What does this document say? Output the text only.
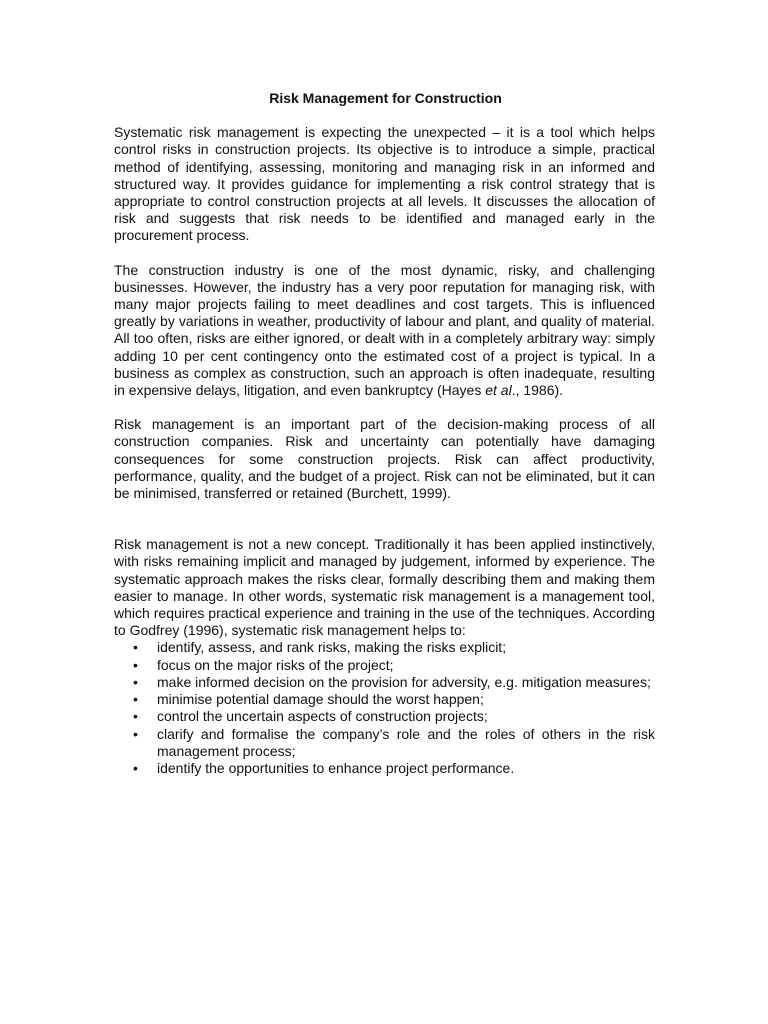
Risk Management for Construction

Systematic risk management is expecting the unexpected – it is a tool which helps control risks in construction projects. Its objective is to introduce a simple, practical method of identifying, assessing, monitoring and managing risk in an informed and structured way. It provides guidance for implementing a risk control strategy that is appropriate to control construction projects at all levels. It discusses the allocation of risk and suggests that risk needs to be identified and managed early in the procurement process.

The construction industry is one of the most dynamic, risky, and challenging businesses. However, the industry has a very poor reputation for managing risk, with many major projects failing to meet deadlines and cost targets. This is influenced greatly by variations in weather, productivity of labour and plant, and quality of material. All too often, risks are either ignored, or dealt with in a completely arbitrary way: simply adding 10 per cent contingency onto the estimated cost of a project is typical. In a business as complex as construction, such an approach is often inadequate, resulting in expensive delays, litigation, and even bankruptcy (Hayes et al., 1986).

Risk management is an important part of the decision-making process of all construction companies. Risk and uncertainty can potentially have damaging consequences for some construction projects. Risk can affect productivity, performance, quality, and the budget of a project. Risk can not be eliminated, but it can be minimised, transferred or retained (Burchett, 1999).

Risk management is not a new concept. Traditionally it has been applied instinctively, with risks remaining implicit and managed by judgement, informed by experience. The systematic approach makes the risks clear, formally describing them and making them easier to manage. In other words, systematic risk management is a management tool, which requires practical experience and training in the use of the techniques. According to Godfrey (1996), systematic risk management helps to:

• identify, assess, and rank risks, making the risks explicit;
• focus on the major risks of the project;
• make informed decision on the provision for adversity, e.g. mitigation measures;
• minimise potential damage should the worst happen;
• control the uncertain aspects of construction projects;
• clarify and formalise the company’s role and the roles of others in the risk management process;
• identify the opportunities to enhance project performance.
